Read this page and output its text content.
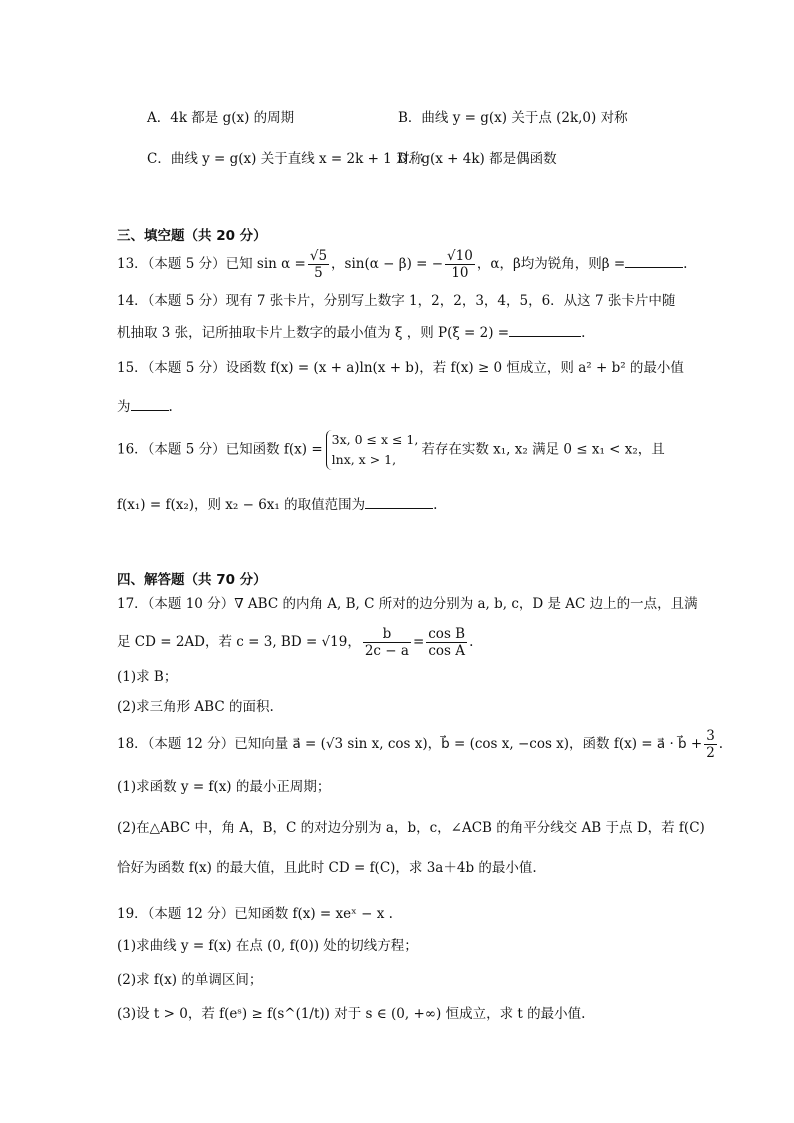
A．4k 都是 g(x) 的周期	B．曲线 y = g(x) 关于点 (2k,0) 对称
C．曲线 y = g(x) 关于直线 x = 2k + 1 对称
D．g(x + 4k) 都是偶函数
三、填空题（共 20 分）
13．（本题 5 分）已知 $\sin \alpha = \frac{√5}{5}$ ，sin(α − β) = − $\frac{√10}{10}$ ，α，β均为锐角，则β =	.
14．（本题 5 分）现有 7 张卡片，分别写上数字 1，2，2，3，4，5，6．从这 7 张卡片中随
机抽取 3 张，记所抽取卡片上数字的最小值为 ξ ，则 P(ξ = 2) =	.
15．（本题 5 分）设函数 f(x) = (x + a)ln(x + b)，若 f(x) ≥ 0 恒成立，则 a² + b² 的最小值
为	.
16．（本题 5 分）已知函数 f(x) =
3x, 0 ≤ x ≤ 1,
lnx, x > 1,
若存在实数 x₁, x₂ 满足 0 ≤ x₁ < x₂，且
f(x₁) = f(x₂)，则 x₂ − 6x₁ 的取值范围为	.
四、解答题（共 70 分）
17．（本题 10 分）∇ ABC 的内角 A, B, C 所对的边分别为 a, b, c，D 是 AC 边上的一点，且满
足 CD = 2AD，若 c = 3, BD = √19， $\frac{b}{2c - a} = \frac{\text{cos B}}{\text{cos A}}$ .
(1)求 B；
(2)求三角形 ABC 的面积.
18．（本题 12 分）已知向量 a⃗ = (√3 sin x, cos x)，b⃗ = (cos x, −cos x)，函数 f(x) = a⃗ · b⃗ + $\frac{3}{2}$ .
(1)求函数 y = f(x) 的最小正周期；
(2)在△ABC 中，角 A，B，C 的对边分别为 a，b，c，∠ACB 的角平分线交 AB 于点 D，若 f(C)
恰好为函数 f(x) 的最大值，且此时 CD = f(C)，求 3a＋4b 的最小值.
19．（本题 12 分）已知函数 f(x) = xeˣ − x .
(1)求曲线 y = f(x) 在点 (0, f(0)) 处的切线方程；
(2)求 f(x) 的单调区间；
(3)设 t > 0，若 f(eˢ) ≥ f(s^(1/t)) 对于 s ∈ (0, +∞) 恒成立，求 t 的最小值.
